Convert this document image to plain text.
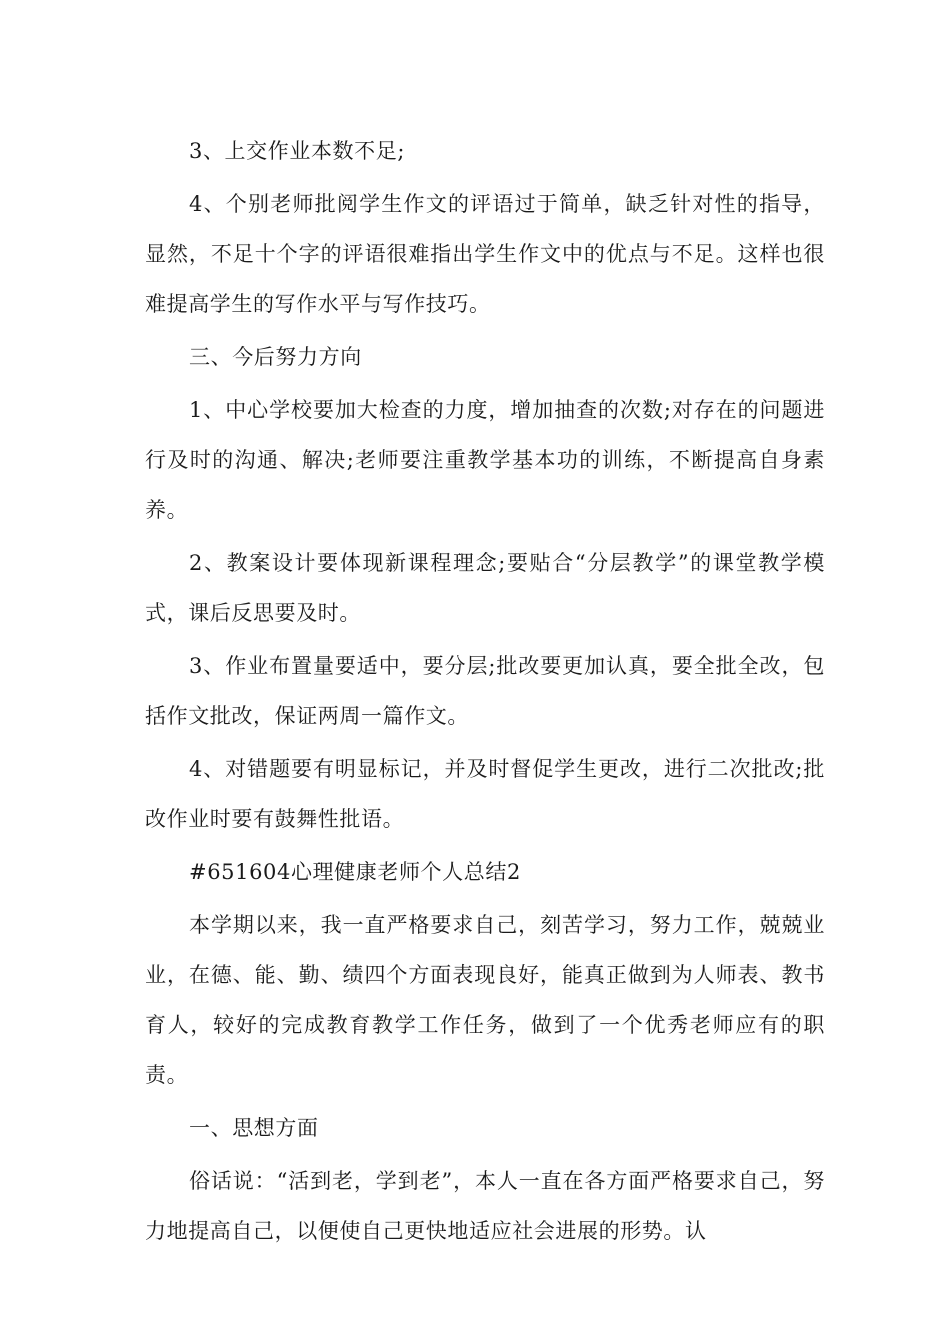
3、上交作业本数不足;

4、个别老师批阅学生作文的评语过于简单，缺乏针对性的指导，显然，不足十个字的评语很难指出学生作文中的优点与不足。这样也很难提高学生的写作水平与写作技巧。

三、今后努力方向

1、中心学校要加大检查的力度，增加抽查的次数;对存在的问题进行及时的沟通、解决;老师要注重教学基本功的训练，不断提高自身素养。

2、教案设计要体现新课程理念;要贴合“分层教学”的课堂教学模式，课后反思要及时。

3、作业布置量要适中，要分层;批改要更加认真，要全批全改，包括作文批改，保证两周一篇作文。

4、对错题要有明显标记，并及时督促学生更改，进行二次批改;批改作业时要有鼓舞性批语。

#651604心理健康老师个人总结2

本学期以来，我一直严格要求自己，刻苦学习，努力工作，兢兢业业，在德、能、勤、绩四个方面表现良好，能真正做到为人师表、教书育人，较好的完成教育教学工作任务，做到了一个优秀老师应有的职责。

一、思想方面

俗话说：“活到老，学到老”，本人一直在各方面严格要求自己，努力地提高自己，以便使自己更快地适应社会进展的形势。认
